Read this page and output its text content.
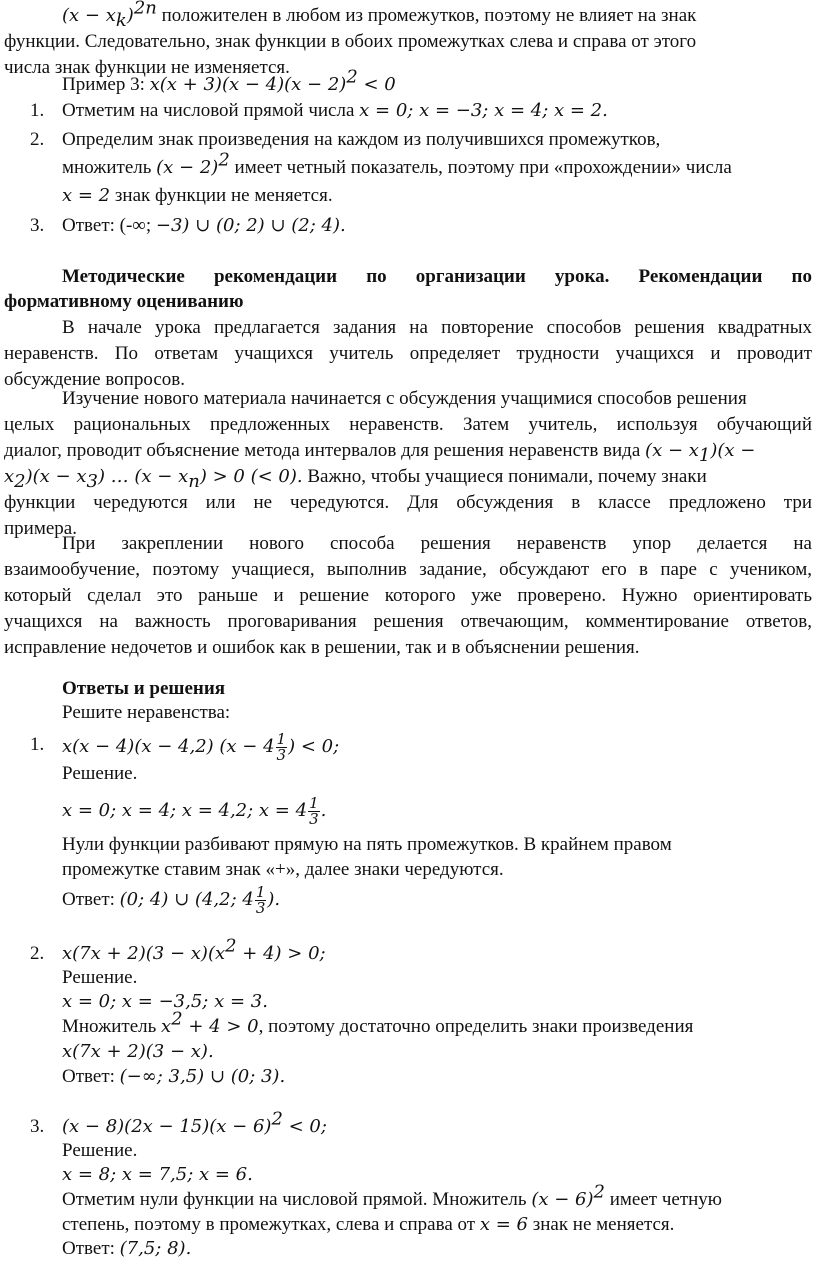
$(x - x_k)^{2n}$ положителен в любом из промежутков, поэтому не влияет на знак
функции. Следовательно, знак функции в обоих промежутках слева и справа от этого
числа знак функции не изменяется.
Пример 3: $x(x + 3)(x - 4)(x - 2)^2 < 0$
1. Отметим на числовой прямой числа x = 0; x = −3; x = 4; x = 2.
2. Определим знак произведения на каждом из получившихся промежутков,
множитель $(x - 2)^2$ имеет четный показатель, поэтому при «прохождении» числа
x = 2 знак функции не меняется.
3. Ответ: (-∞; −3) ∪ (0; 2) ∪ (2; 4).
Методические рекомендации по организации урока. Рекомендации по
формативному оцениванию
В начале урока предлагается задания на повторение способов решения квадратных
неравенств. По ответам учащихся учитель определяет трудности учащихся и проводит
обсуждение вопросов.
Изучение нового материала начинается с обсуждения учащимися способов решения
целых рациональных предложенных неравенств. Затем учитель, используя обучающий
диалог, проводит объяснение метода интервалов для решения неравенств вида $(x - x_1)(x$ −
$x_2)(x - x_3)$ … $(x - x_n) > 0$ (< 0). Важно, чтобы учащиеся понимали, почему знаки
функции чередуются или не чередуются. Для обсуждения в классе предложено три
примера.
При закреплении нового способа решения неравенств упор делается на
взаимообучение, поэтому учащиеся, выполнив задание, обсуждают его в паре с учеником,
который сделал это раньше и решение которого уже проверено. Нужно ориентировать
учащихся на важность проговаривания решения отвечающим, комментирование ответов,
исправление недочетов и ошибок как в решении, так и в объяснении решения.
Ответы и решения
Решите неравенства:
1. x(x − 4)(x − 4,2) ($x - 4 \frac{1}{3}$ ) < 0;
Решение.
x = 0; x = 4; x = 4,2; $x = 4 \frac{1}{3}$ .
Нули функции разбивают прямую на пять промежутков. В крайнем правом
промежутке ставим знак «+», далее знаки чередуются.
Ответ: (0; 4) ∪ (4,2; $4 \frac{1}{3}$ ).
2. $x(7x + 2)(3 - x)(x^2 + 4) > 0$;
Решение.
x = 0; x = −3,5; x = 3.
Множитель $x^2 + 4 > 0$, поэтому достаточно определить знаки произведения
x(7x + 2)(3 − x).
Ответ: (−∞; 3,5) ∪ (0; 3).
3. $(x - 8)(2x - 15)(x - 6)^2 < 0$;
Решение.
x = 8; x = 7,5; x = 6.
Отметим нули функции на числовой прямой. Множитель $(x - 6)^2$ имеет четную
степень, поэтому в промежутках, слева и справа от x = 6 знак не меняется.
Ответ: (7,5; 8).
